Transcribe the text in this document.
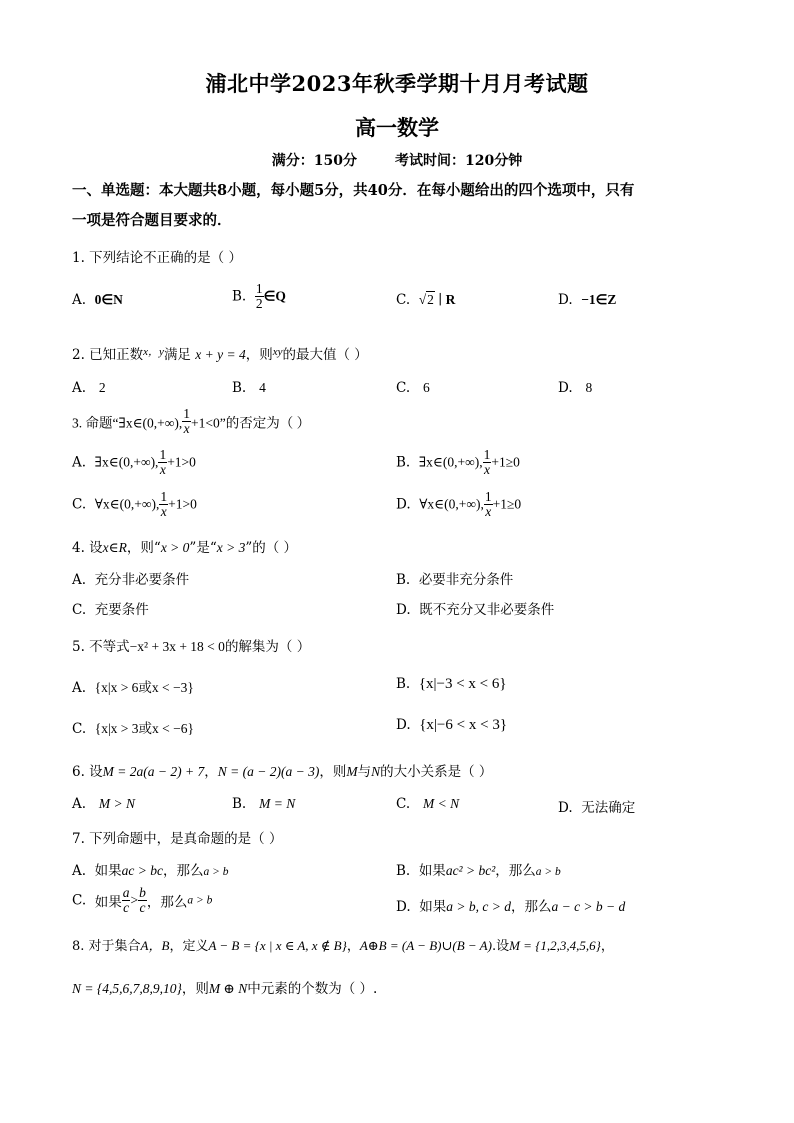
浦北中学2023年秋季学期十月月考试题
高一数学
满分：150分	考试时间：120分钟
一、单选题：本大题共8小题，每小题5分，共40分．在每小题给出的四个选项中，只有
一项是符合题目要求的．
1. 下列结论不正确的是（ ）
A. 0∈N	B. $\frac{1}{2}$ ∈Q	C. √2 ∣ R	D. −1∈Z
2. 已知正数$^{x,y}$满足 x + y = 4，则$^{xy}$的最大值（ ）
A. 2	B. 4	C. 6	D. 8
3. 命题“∃x∈(0,+∞), $\frac{1}{x} +1<0$”的否定为（ ）
A. ∃x∈(0,+∞), $\frac{1}{x} +1>0$	B. ∃x∈(0,+∞), $\frac{1}{x} +1\ge 0$
C. ∀x∈(0,+∞), $\frac{1}{x} +1>0$	D. ∀x∈(0,+∞), $\frac{1}{x} +1\ge 0$
4. 设x∈R，则“x > 0”是“x > 3”的（ ）
A. 充分非必要条件	B. 必要非充分条件
C. 充要条件	D. 既不充分又非必要条件
5. 不等式−x² + 3x + 18 < 0的解集为（ ）
A. {x|x > 6或x < −3}	B. {x|−3 < x < 6}
C. {x|x > 3或x < −6}	D. {x|−6 < x < 3}
6. 设M = 2a(a − 2) + 7，N = (a − 2)(a − 3)，则M与N的大小关系是（ ）
A. M > N	B. M = N	C. M < N	D. 无法确定
7. 下列命题中，是真命题的是（ ）
A. 如果ac > bc，那么a > b	B. 如果ac² > bc²，那么a > b
C. 如果 $\frac{a}{c} > \frac{b}{c}$ ，那么a > b	D. 如果a > b, c > d，那么a − c > b − d
8. 对于集合A，B，定义A − B = {x | x ∈ A, x ∉ B}，A⊕B = (A − B)∪(B − A).设M = {1,2,3,4,5,6}，
N = {4,5,6,7,8,9,10}，则M ⊕ N中元素的个数为（ ）.
